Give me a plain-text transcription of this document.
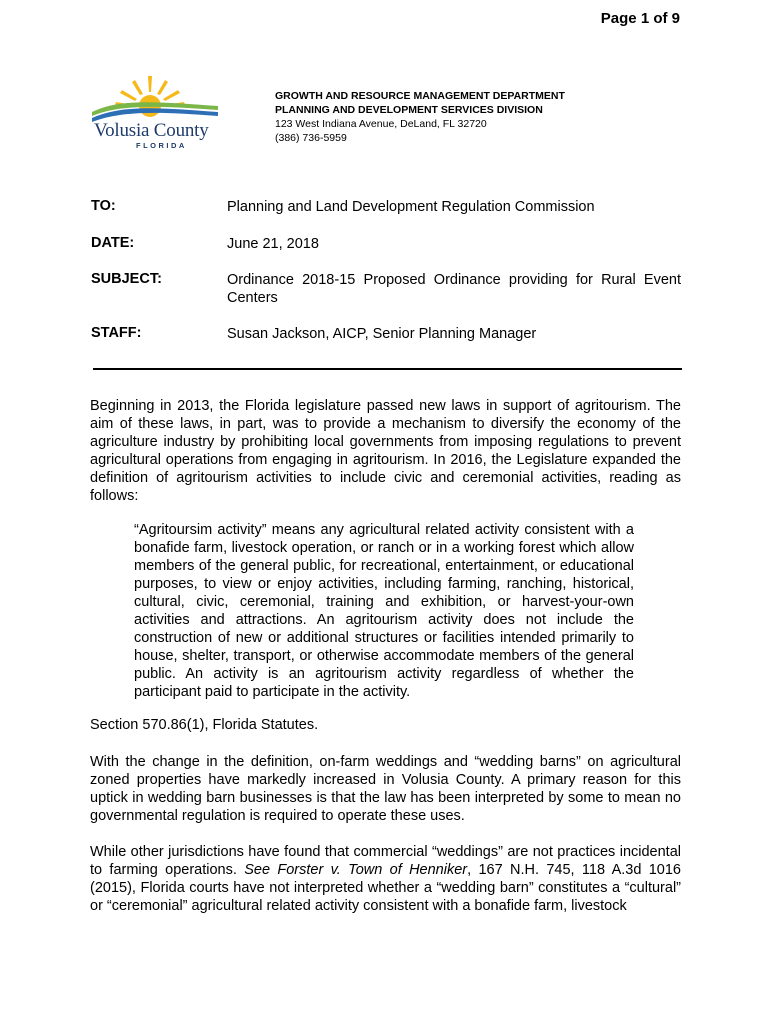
Page 1 of 9
Volusia County
FLORIDA
GROWTH AND RESOURCE MANAGEMENT DEPARTMENT
PLANNING AND DEVELOPMENT SERVICES DIVISION
123 West Indiana Avenue, DeLand, FL 32720
(386) 736-5959
TO:	Planning and Land Development Regulation Commission
DATE:	June 21, 2018
SUBJECT:	Ordinance 2018-15 Proposed Ordinance providing for Rural Event Centers
STAFF:	Susan Jackson, AICP, Senior Planning Manager

Beginning in 2013, the Florida legislature passed new laws in support of agritourism. The aim of these laws, in part, was to provide a mechanism to diversify the economy of the agriculture industry by prohibiting local governments from imposing regulations to prevent agricultural operations from engaging in agritourism. In 2016, the Legislature expanded the definition of agritourism activities to include civic and ceremonial activities, reading as follows:

“Agritoursim activity” means any agricultural related activity consistent with a bonafide farm, livestock operation, or ranch or in a working forest which allow members of the general public, for recreational, entertainment, or educational purposes, to view or enjoy activities, including farming, ranching, historical, cultural, civic, ceremonial, training and exhibition, or harvest-your-own activities and attractions. An agritourism activity does not include the construction of new or additional structures or facilities intended primarily to house, shelter, transport, or otherwise accommodate members of the general public. An activity is an agritourism activity regardless of whether the participant paid to participate in the activity.

Section 570.86(1), Florida Statutes.

With the change in the definition, on-farm weddings and “wedding barns” on agricultural zoned properties have markedly increased in Volusia County. A primary reason for this uptick in wedding barn businesses is that the law has been interpreted by some to mean no governmental regulation is required to operate these uses.

While other jurisdictions have found that commercial “weddings” are not practices incidental to farming operations. See Forster v. Town of Henniker, 167 N.H. 745, 118 A.3d 1016 (2015), Florida courts have not interpreted whether a “wedding barn” constitutes a “cultural” or “ceremonial” agricultural related activity consistent with a bonafide farm, livestock
